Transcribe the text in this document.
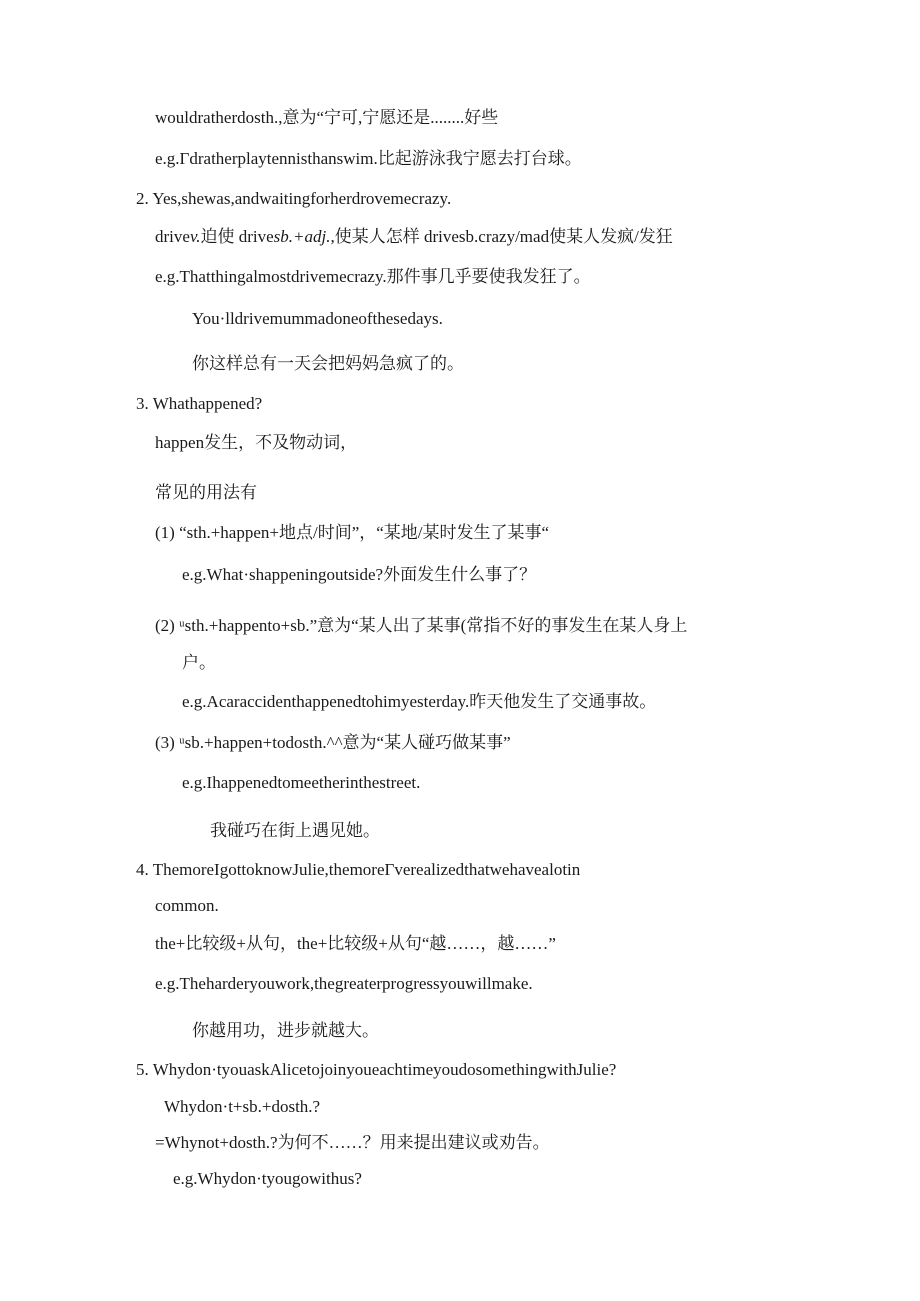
wouldratherdosth.,意为“宁可,宁愿还是........好些
e.g.Γdratherplaytennisthanswim.比起游泳我宁愿去打台球。
2. Yes,shewas,andwaitingforherdrovemecrazy.
drivev.迫使 drivesb.+adj.,使某人怎样 drivesb.crazy/mad使某人发疯/发狂
e.g.Thatthingalmostdrivemecrazy.那件事几乎要使我发狂了。
You·lldrivemummadoneofthesedays.
你这样总有一天会把妈妈急疯了的。
3. Whathappened?
happen发生，不及物动词，
常见的用法有
(1) “sth.+happen+地点/时间”，“某地/某时发生了某事“
e.g.What·shappeningoutside?外面发生什么事了？
(2) ᵘsth.+happento+sb.”意为“某人出了某事(常指不好的事发生在某人身上
户。
e.g.Acaraccidenthappenedtohimyesterday.昨天他发生了交通事故。
(3) ᵘsb.+happen+todosth.^^意为“某人碰巧做某事”
e.g.Ihappenedtomeetherinthestreet.
我碰巧在街上遇见她。
4. ThemoreIgottoknowJulie,themoreΓverealizedthatwehavealotin
common.
the+比较级+从句，the+比较级+从句“越……，越……”
e.g.Theharderyouwork,thegreaterprogressyouwillmake.
你越用功，进步就越大。
5. Whydon·tyouaskAlicetojoinyoueachtimeyoudosomethingwithJulie?
Whydon·t+sb.+dosth.?
=Whynot+dosth.?为何不……？用来提出建议或劝告。
e.g.Whydon·tyougowithus?
